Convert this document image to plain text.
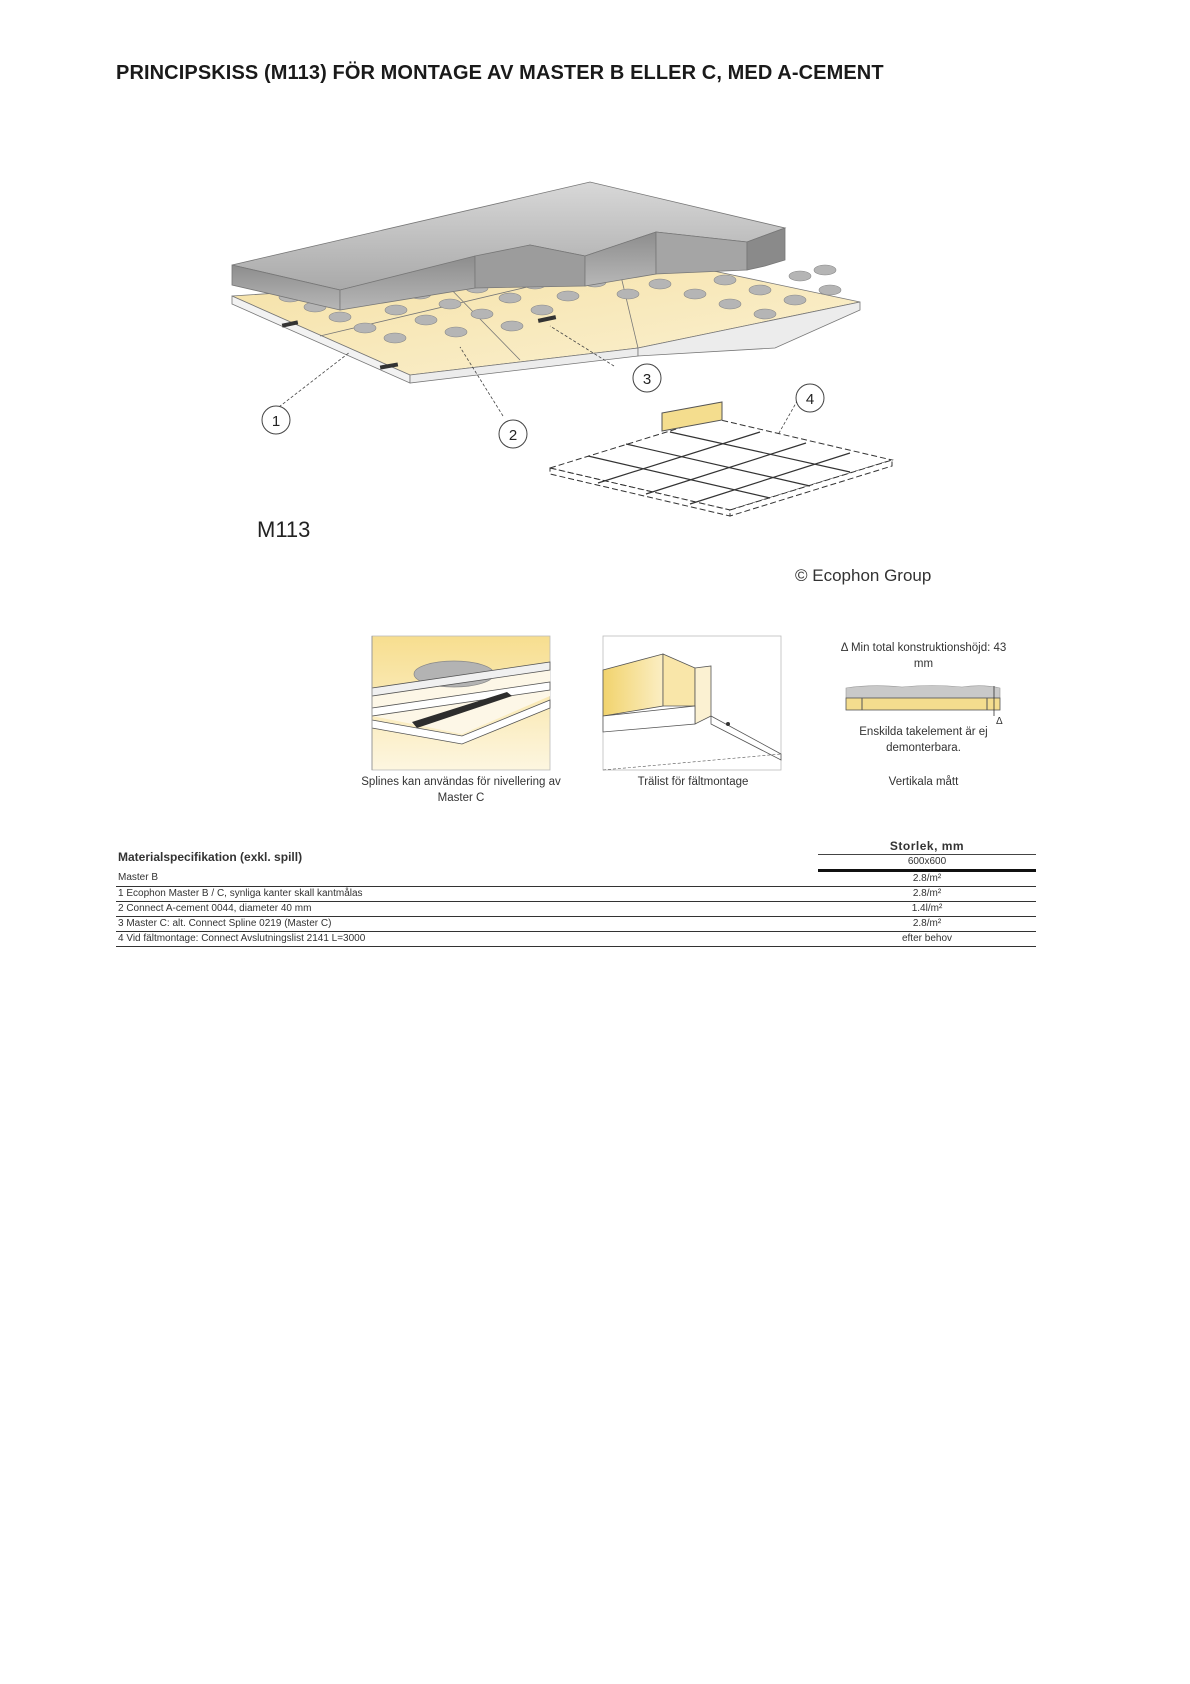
PRINCIPSKISS (M113) FÖR MONTAGE AV MASTER B ELLER C, MED A-CEMENT
1
2
3
4
M113
© Ecophon Group
Splines kan användas för nivellering av Master C
Trälist för fältmontage
Δ Min total konstruktionshöjd: 43 mm
Δ
Enskilda takelement är ej demonterbara.
Vertikala mått
Materialspecifikation (exkl. spill)	Storlek, mm
	600x600
Master B	2.8/m²
1 Ecophon Master B / C, synliga kanter skall kantmålas	2.8/m²
2 Connect A-cement 0044, diameter 40 mm	1.4l/m²
3 Master C: alt. Connect Spline 0219 (Master C)	2.8/m²
4 Vid fältmontage: Connect Avslutningslist 2141 L=3000	efter behov
